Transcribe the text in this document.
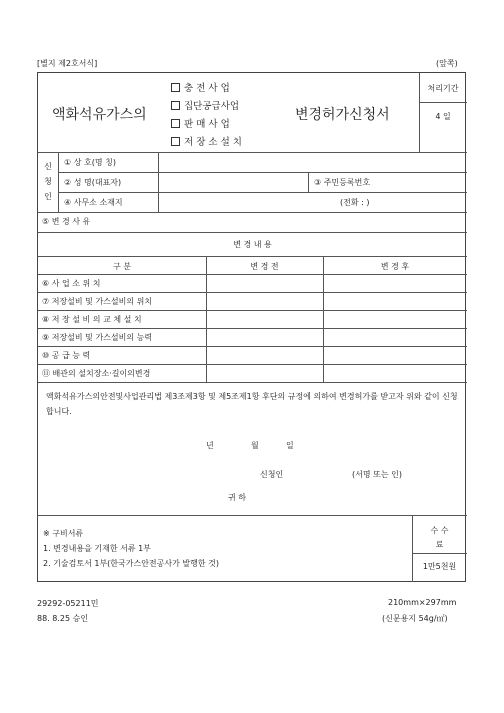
[별지 제2호서식]	(앞쪽)
액화석유가스의
충 전 사 업
집단공급사업
판 매 사 업
저 장 소 설 치
변경허가신청서
처리기간
4 일
신
청
인
① 상 호(명 칭)
② 성 명(대표자)	③ 주민등록번호
④ 사무소 소재지	(전화 : )
⑤ 변 경 사 유
변 경 내 용
구 분	변 경 전	변 경 후
⑥ 사 업 소 위 치
⑦ 저장설비 및 가스설비의 위치
⑧ 저 장 설 비 의 교 체 설 치
⑨ 저장설비 및 가스설비의 능력
⑩ 공 급 능 력
⑪ 배관의 설치장소·길이의변경
액화석유가스의안전및사업관리법 제3조제3항 및 제5조제1항 후단의 규정에 의하여 변경허가를 받고자 위와 같이 신청합니다.
년	월	일
신청인	(서명 또는 인)
귀 하
※ 구비서류
1. 변경내용을 기재한 서류 1부
2. 기술검토서 1부(한국가스안전공사가 발행한 것)
수 수
료
1만5천원
29292-05211민
88. 8.25 승인
210mm×297mm
(신문용지 54g/㎡)
